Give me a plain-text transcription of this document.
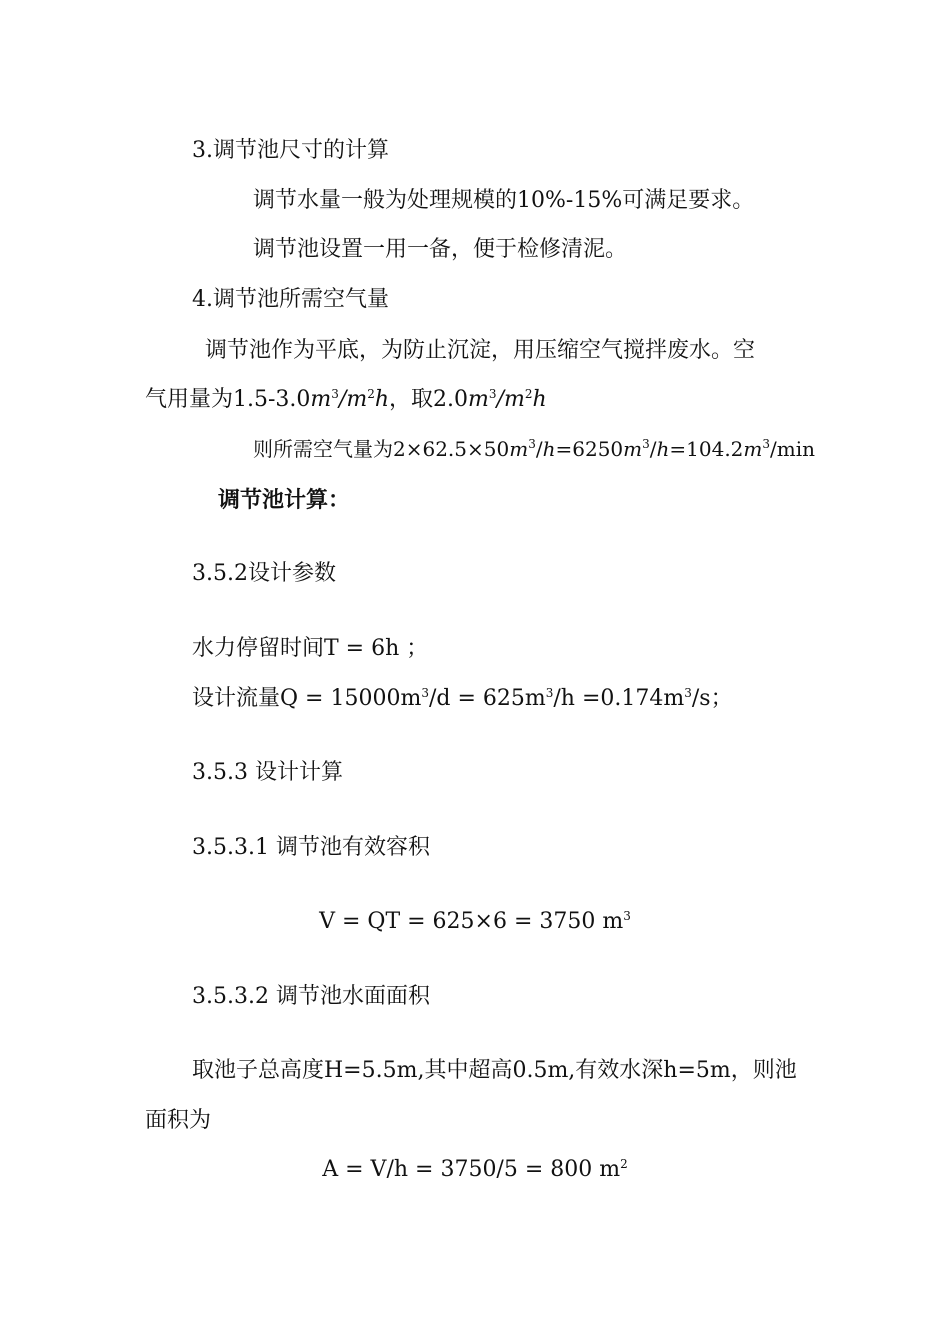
3.调节池尺寸的计算
调节水量一般为处理规模的10%-15%可满足要求。
调节池设置一用一备，便于检修清泥。
4.调节池所需空气量
调节池作为平底，为防止沉淀，用压缩空气搅拌废水。空
气用量为$1.5-3.0m^3/m^2h$，取$2.0m^3/m^2h$
则所需空气量为$2\times 62.5\times 50m^3/h=6250m^3/h=104.2m^3/\min$
调节池计算：
3.5.2设计参数
水力停留时间T = 6h ；
设计流量$Q = 15000m^3/d = 625m^3/h =0.174m^3/s$；
3.5.3 设计计算
3.5.3.1 调节池有效容积
V = QT = 625×6 = 3750 $m^3$
3.5.3.2 调节池水面面积
取池子总高度H=5.5m,其中超高0.5m,有效水深h=5m，则池
面积为
A = V/h = 3750/5 = 800 $m^2$
